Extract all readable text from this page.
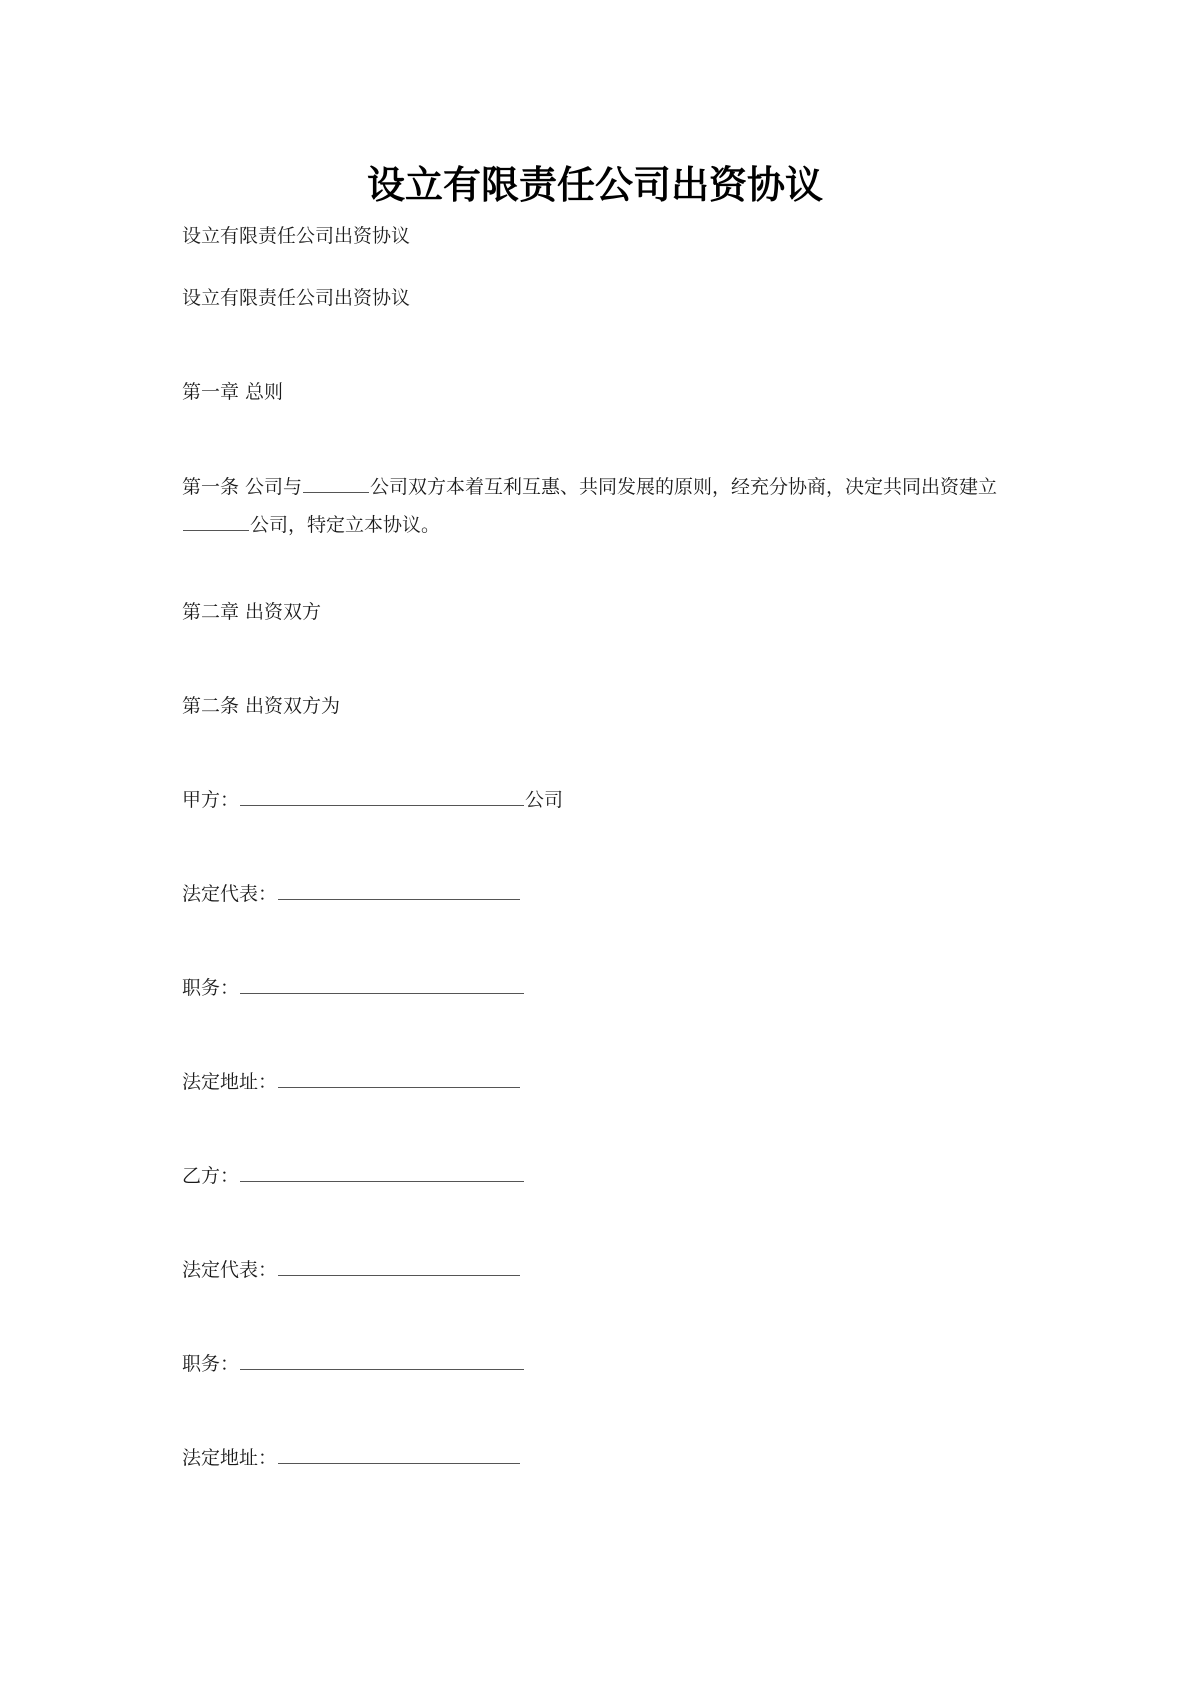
设立有限责任公司出资协议
设立有限责任公司出资协议
设立有限责任公司出资协议
第一章 总则
第一条 公司与	公司双方本着互利互惠、共同发展的原则，经充分协商，决定共同出资建立公司，特定立本协议。
第二章 出资双方
第二条 出资双方为
甲方：	公司
法定代表：
职务：
法定地址：
乙方：
法定代表：
职务：
法定地址：
